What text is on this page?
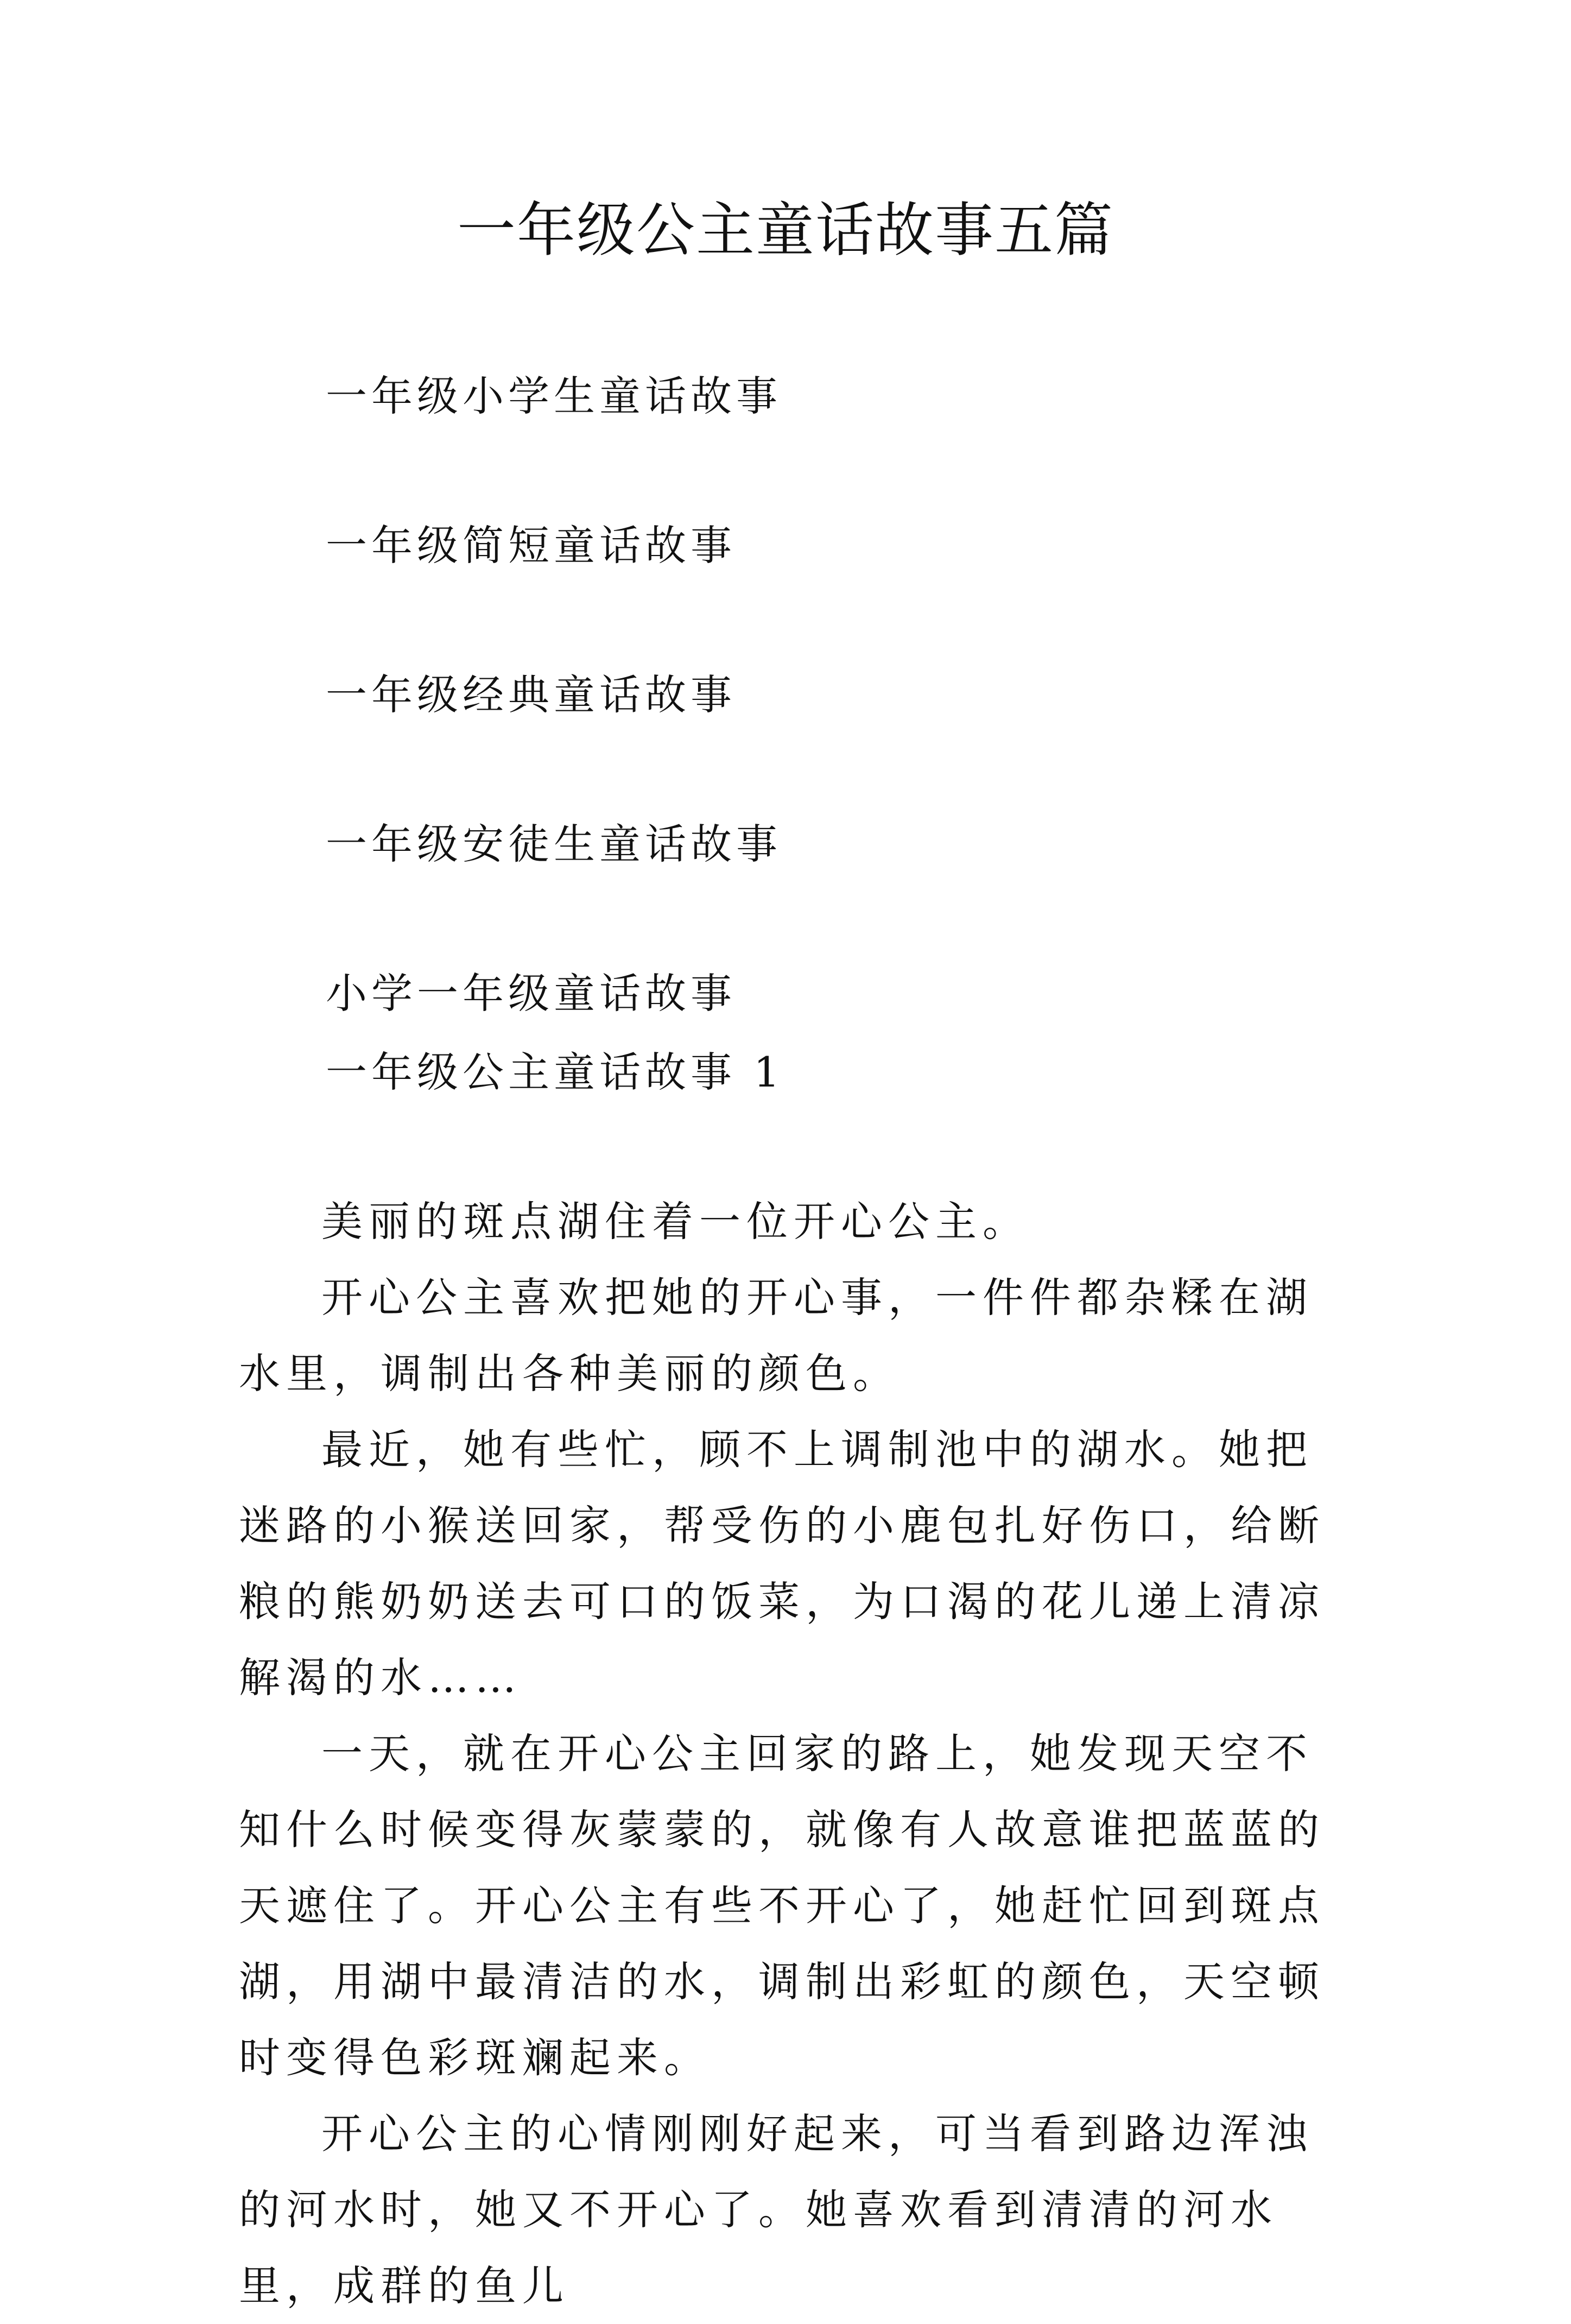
一年级公主童话故事五篇
一年级小学生童话故事
一年级简短童话故事
一年级经典童话故事
一年级安徒生童话故事
小学一年级童话故事
一年级公主童话故事 1

美丽的斑点湖住着一位开心公主。

开心公主喜欢把她的开心事，一件件都杂糅在湖水里，调制出各种美丽的颜色。

最近，她有些忙，顾不上调制池中的湖水。她把迷路的小猴送回家，帮受伤的小鹿包扎好伤口，给断粮的熊奶奶送去可口的饭菜，为口渴的花儿递上清凉解渴的水……

一天，就在开心公主回家的路上，她发现天空不知什么时候变得灰蒙蒙的，就像有人故意谁把蓝蓝的天遮住了。开心公主有些不开心了，她赶忙回到斑点湖，用湖中最清洁的水，调制出彩虹的颜色，天空顿时变得色彩斑斓起来。

开心公主的心情刚刚好起来，可当看到路边浑浊的河水时，她又不开心了。她喜欢看到清清的河水里，成群的鱼儿
